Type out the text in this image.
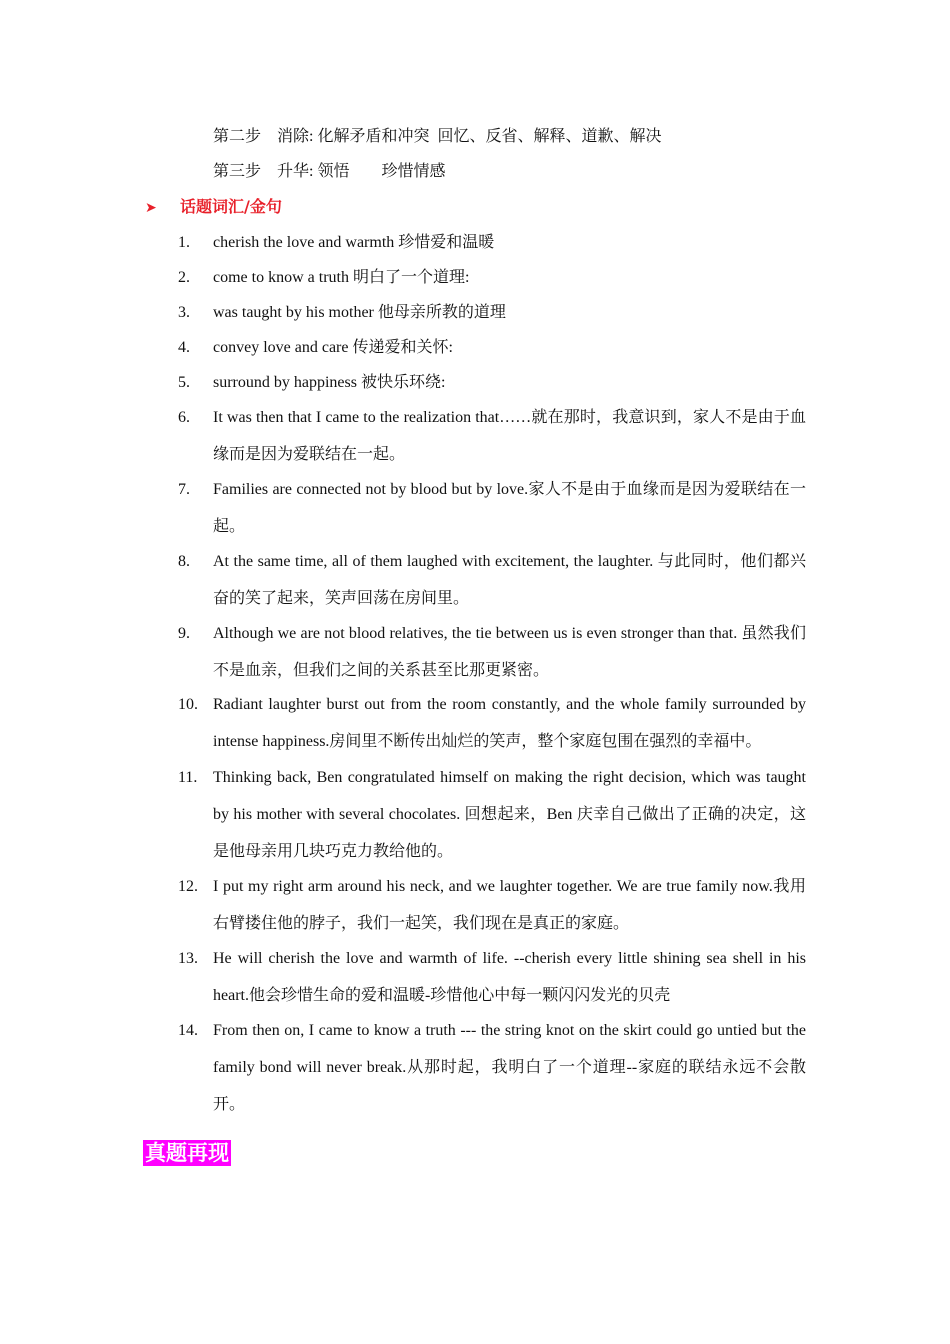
第二步　消除: 化解矛盾和冲突  回忆、反省、解释、道歉、解决
第三步　升华: 领悟　　珍惜情感
➤ 话题词汇/金句
1. cherish the love and warmth 珍惜爱和温暖
2. come to know a truth 明白了一个道理:
3. was taught by his mother 他母亲所教的道理
4. convey love and care 传递爱和关怀:
5. surround by happiness 被快乐环绕:
6. It was then that I came to the realization that……就在那时，我意识到，家人不是由于血缘而是因为爱联结在一起。
7. Families are connected not by blood but by love.家人不是由于血缘而是因为爱联结在一起。
8. At the same time, all of them laughed with excitement, the laughter. 与此同时，他们都兴奋的笑了起来，笑声回荡在房间里。
9. Although we are not blood relatives, the tie between us is even stronger than that. 虽然我们不是血亲，但我们之间的关系甚至比那更紧密。
10. Radiant laughter burst out from the room constantly, and the whole family surrounded by intense happiness.房间里不断传出灿烂的笑声，整个家庭包围在强烈的幸福中。
11. Thinking back, Ben congratulated himself on making the right decision, which was taught by his mother with several chocolates. 回想起来，Ben 庆幸自己做出了正确的决定，这是他母亲用几块巧克力教给他的。
12. I put my right arm around his neck, and we laughter together. We are true family now.我用右臂搂住他的脖子，我们一起笑，我们现在是真正的家庭。
13. He will cherish the love and warmth of life. --cherish every little shining sea shell in his heart.他会珍惜生命的爱和温暖-珍惜他心中每一颗闪闪发光的贝壳
14. From then on, I came to know a truth --- the string knot on the skirt could go untied but the family bond will never break.从那时起，我明白了一个道理--家庭的联结永远不会散开。
真题再现
